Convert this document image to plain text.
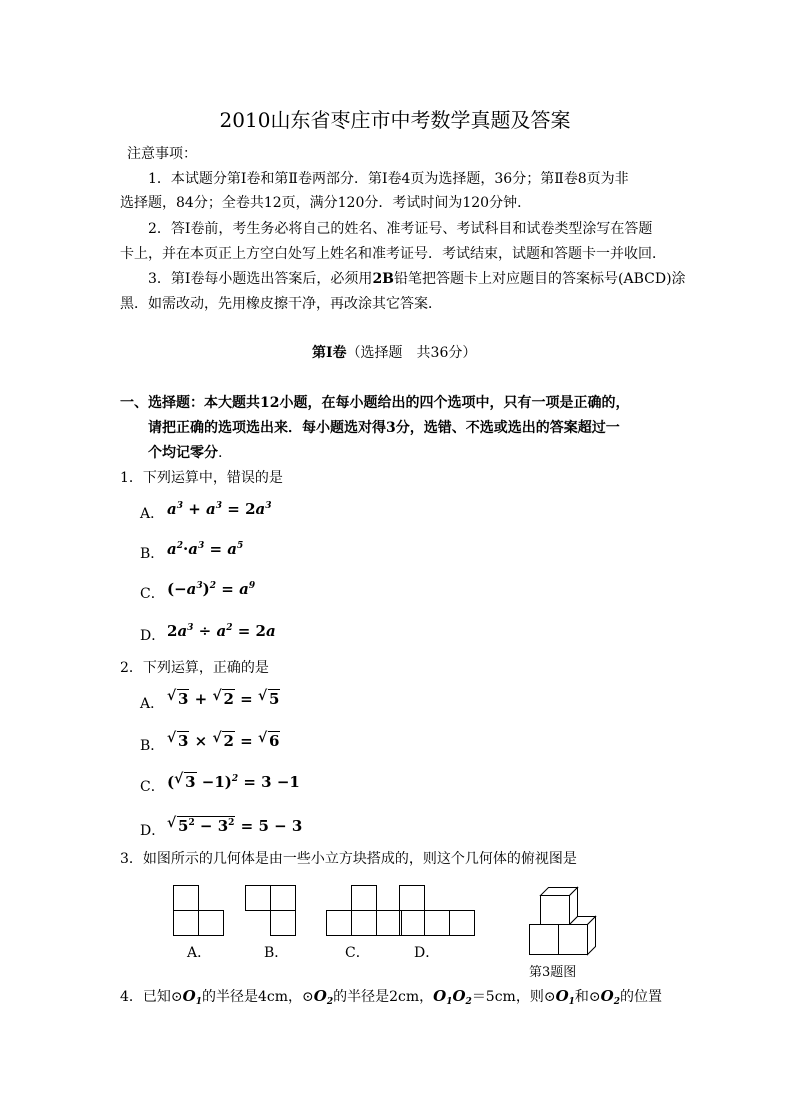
2010山东省枣庄市中考数学真题及答案
注意事项：
1．本试题分第Ⅰ卷和第Ⅱ卷两部分．第Ⅰ卷4页为选择题，36分；第Ⅱ卷8页为非
选择题，84分；全卷共12页，满分120分．考试时间为120分钟．
2．答Ⅰ卷前，考生务必将自己的姓名、准考证号、考试科目和试卷类型涂写在答题
卡上，并在本页正上方空白处写上姓名和准考证号．考试结束，试题和答题卡一并收回．
3．第Ⅰ卷每小题选出答案后，必须用2B铅笔把答题卡上对应题目的答案标号(ABCD)涂
黑．如需改动，先用橡皮擦干净，再改涂其它答案．
第Ⅰ卷（选择题　共36分）
一、选择题：本大题共12小题，在每小题给出的四个选项中，只有一项是正确的，
请把正确的选项选出来．每小题选对得3分，选错、不选或选出的答案超过一
个均记零分.
1．下列运算中，错误的是
A． $a^3 + a^3 = 2a^3$
B． $a^2\cdot a^3 = a^5$
C． $(-a^3)^2 = a^9$
D． $2a^3 \div a^2 = 2a$
2．下列运算，正确的是
A． √ 3 + √ 2 = √ 5
B． √ 3 × √ 2 = √ 6
C． ( √ 3 −1)$^2$ = 3 −1
D． √ $5^2 - 3^2 = 5 - 3$
3．如图所示的几何体是由一些小立方块搭成的，则这个几何体的俯视图是
A．	B．	C．	D．
第3题图
4．已知$⊙O_1$的半径是4cm，$⊙O_2$的半径是2cm，$O_1O_2=5cm$，则$⊙O_1$和$⊙O_2$的位置
